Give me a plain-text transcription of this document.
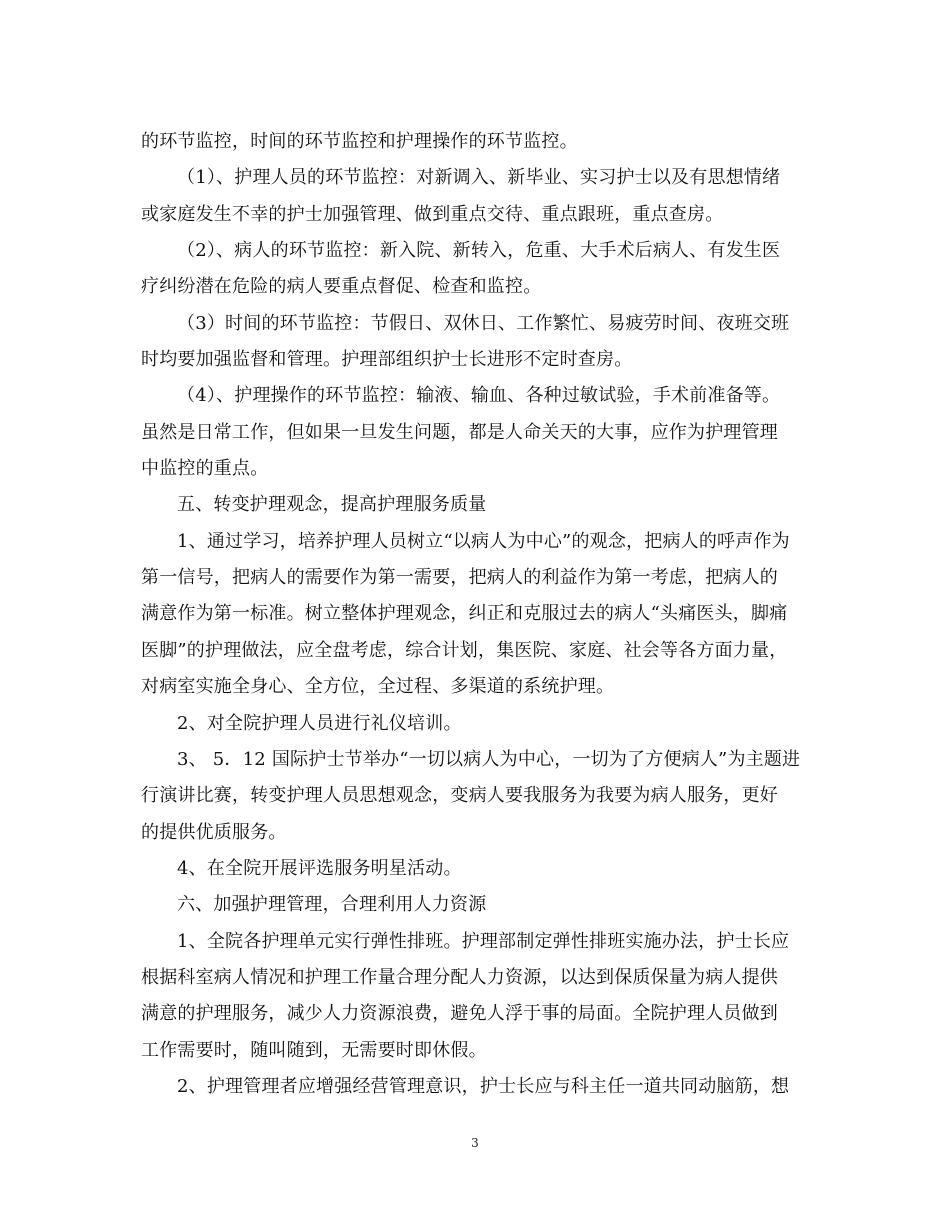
的环节监控，时间的环节监控和护理操作的环节监控。
（1）、护理人员的环节监控：对新调入、新毕业、实习护士以及有思想情绪
或家庭发生不幸的护士加强管理、做到重点交待、重点跟班，重点查房。
（2）、病人的环节监控：新入院、新转入，危重、大手术后病人、有发生医
疗纠纷潜在危险的病人要重点督促、检查和监控。
（3）时间的环节监控：节假日、双休日、工作繁忙、易疲劳时间、夜班交班
时均要加强监督和管理。护理部组织护士长进形不定时查房。
（4）、护理操作的环节监控：输液、输血、各种过敏试验，手术前准备等。
虽然是日常工作，但如果一旦发生问题，都是人命关天的大事，应作为护理管理
中监控的重点。
五、转变护理观念，提高护理服务质量
1、通过学习，培养护理人员树立“以病人为中心”的观念，把病人的呼声作为
第一信号，把病人的需要作为第一需要，把病人的利益作为第一考虑，把病人的
满意作为第一标准。树立整体护理观念，纠正和克服过去的病人“头痛医头，脚痛
医脚”的护理做法，应全盘考虑，综合计划，集医院、家庭、社会等各方面力量，
对病室实施全身心、全方位，全过程、多渠道的系统护理。
2、对全院护理人员进行礼仪培训。
3、 5．12 国际护士节举办“一切以病人为中心，一切为了方便病人”为主题进
行演讲比赛，转变护理人员思想观念，变病人要我服务为我要为病人服务，更好
的提供优质服务。
4、在全院开展评选服务明星活动。
六、加强护理管理，合理利用人力资源
1、全院各护理单元实行弹性排班。护理部制定弹性排班实施办法，护士长应
根据科室病人情况和护理工作量合理分配人力资源，以达到保质保量为病人提供
满意的护理服务，减少人力资源浪费，避免人浮于事的局面。全院护理人员做到
工作需要时，随叫随到，无需要时即休假。
2、护理管理者应增强经营管理意识，护士长应与科主任一道共同动脑筋，想
3
